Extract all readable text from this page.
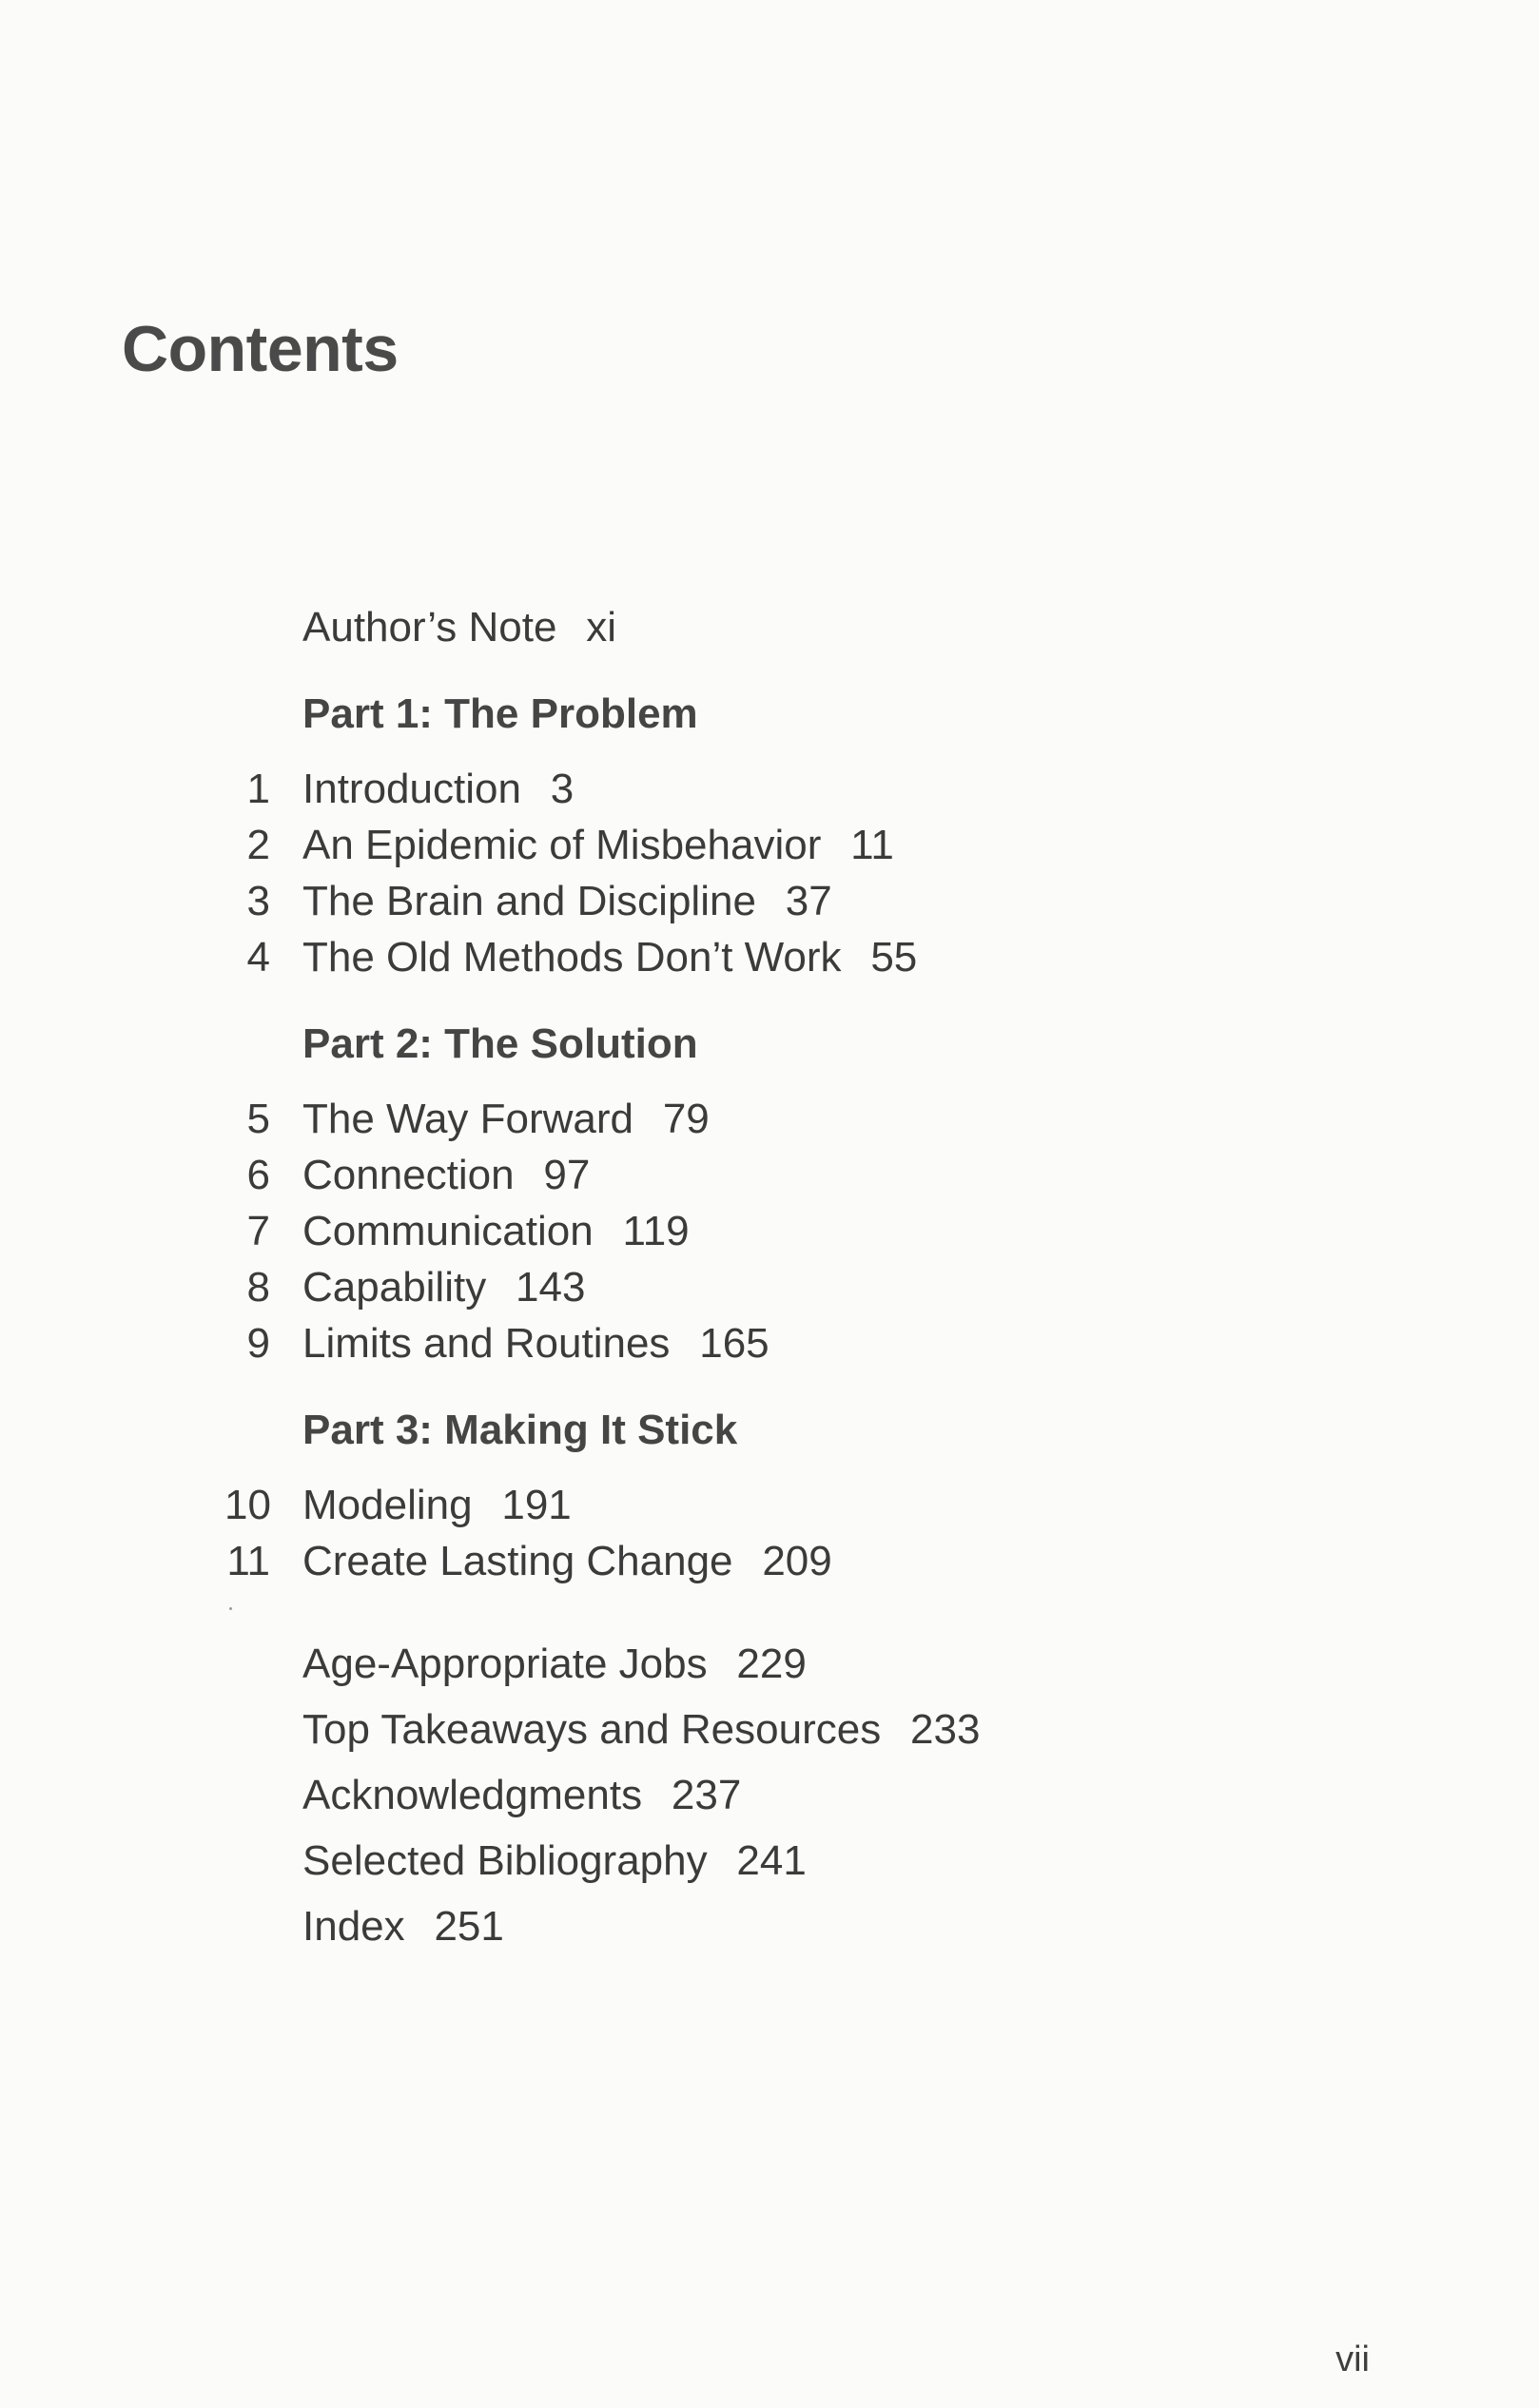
Contents
Author’s Note xi
Part 1: The Problem
1 Introduction 3
2 An Epidemic of Misbehavior 11
3 The Brain and Discipline 37
4 The Old Methods Don’t Work 55
Part 2: The Solution
5 The Way Forward 79
6 Connection 97
7 Communication 119
8 Capability 143
9 Limits and Routines 165
Part 3: Making It Stick
10 Modeling 191
11 Create Lasting Change 209
Age-Appropriate Jobs 229
Top Takeaways and Resources 233
Acknowledgments 237
Selected Bibliography 241
Index 251
vii
